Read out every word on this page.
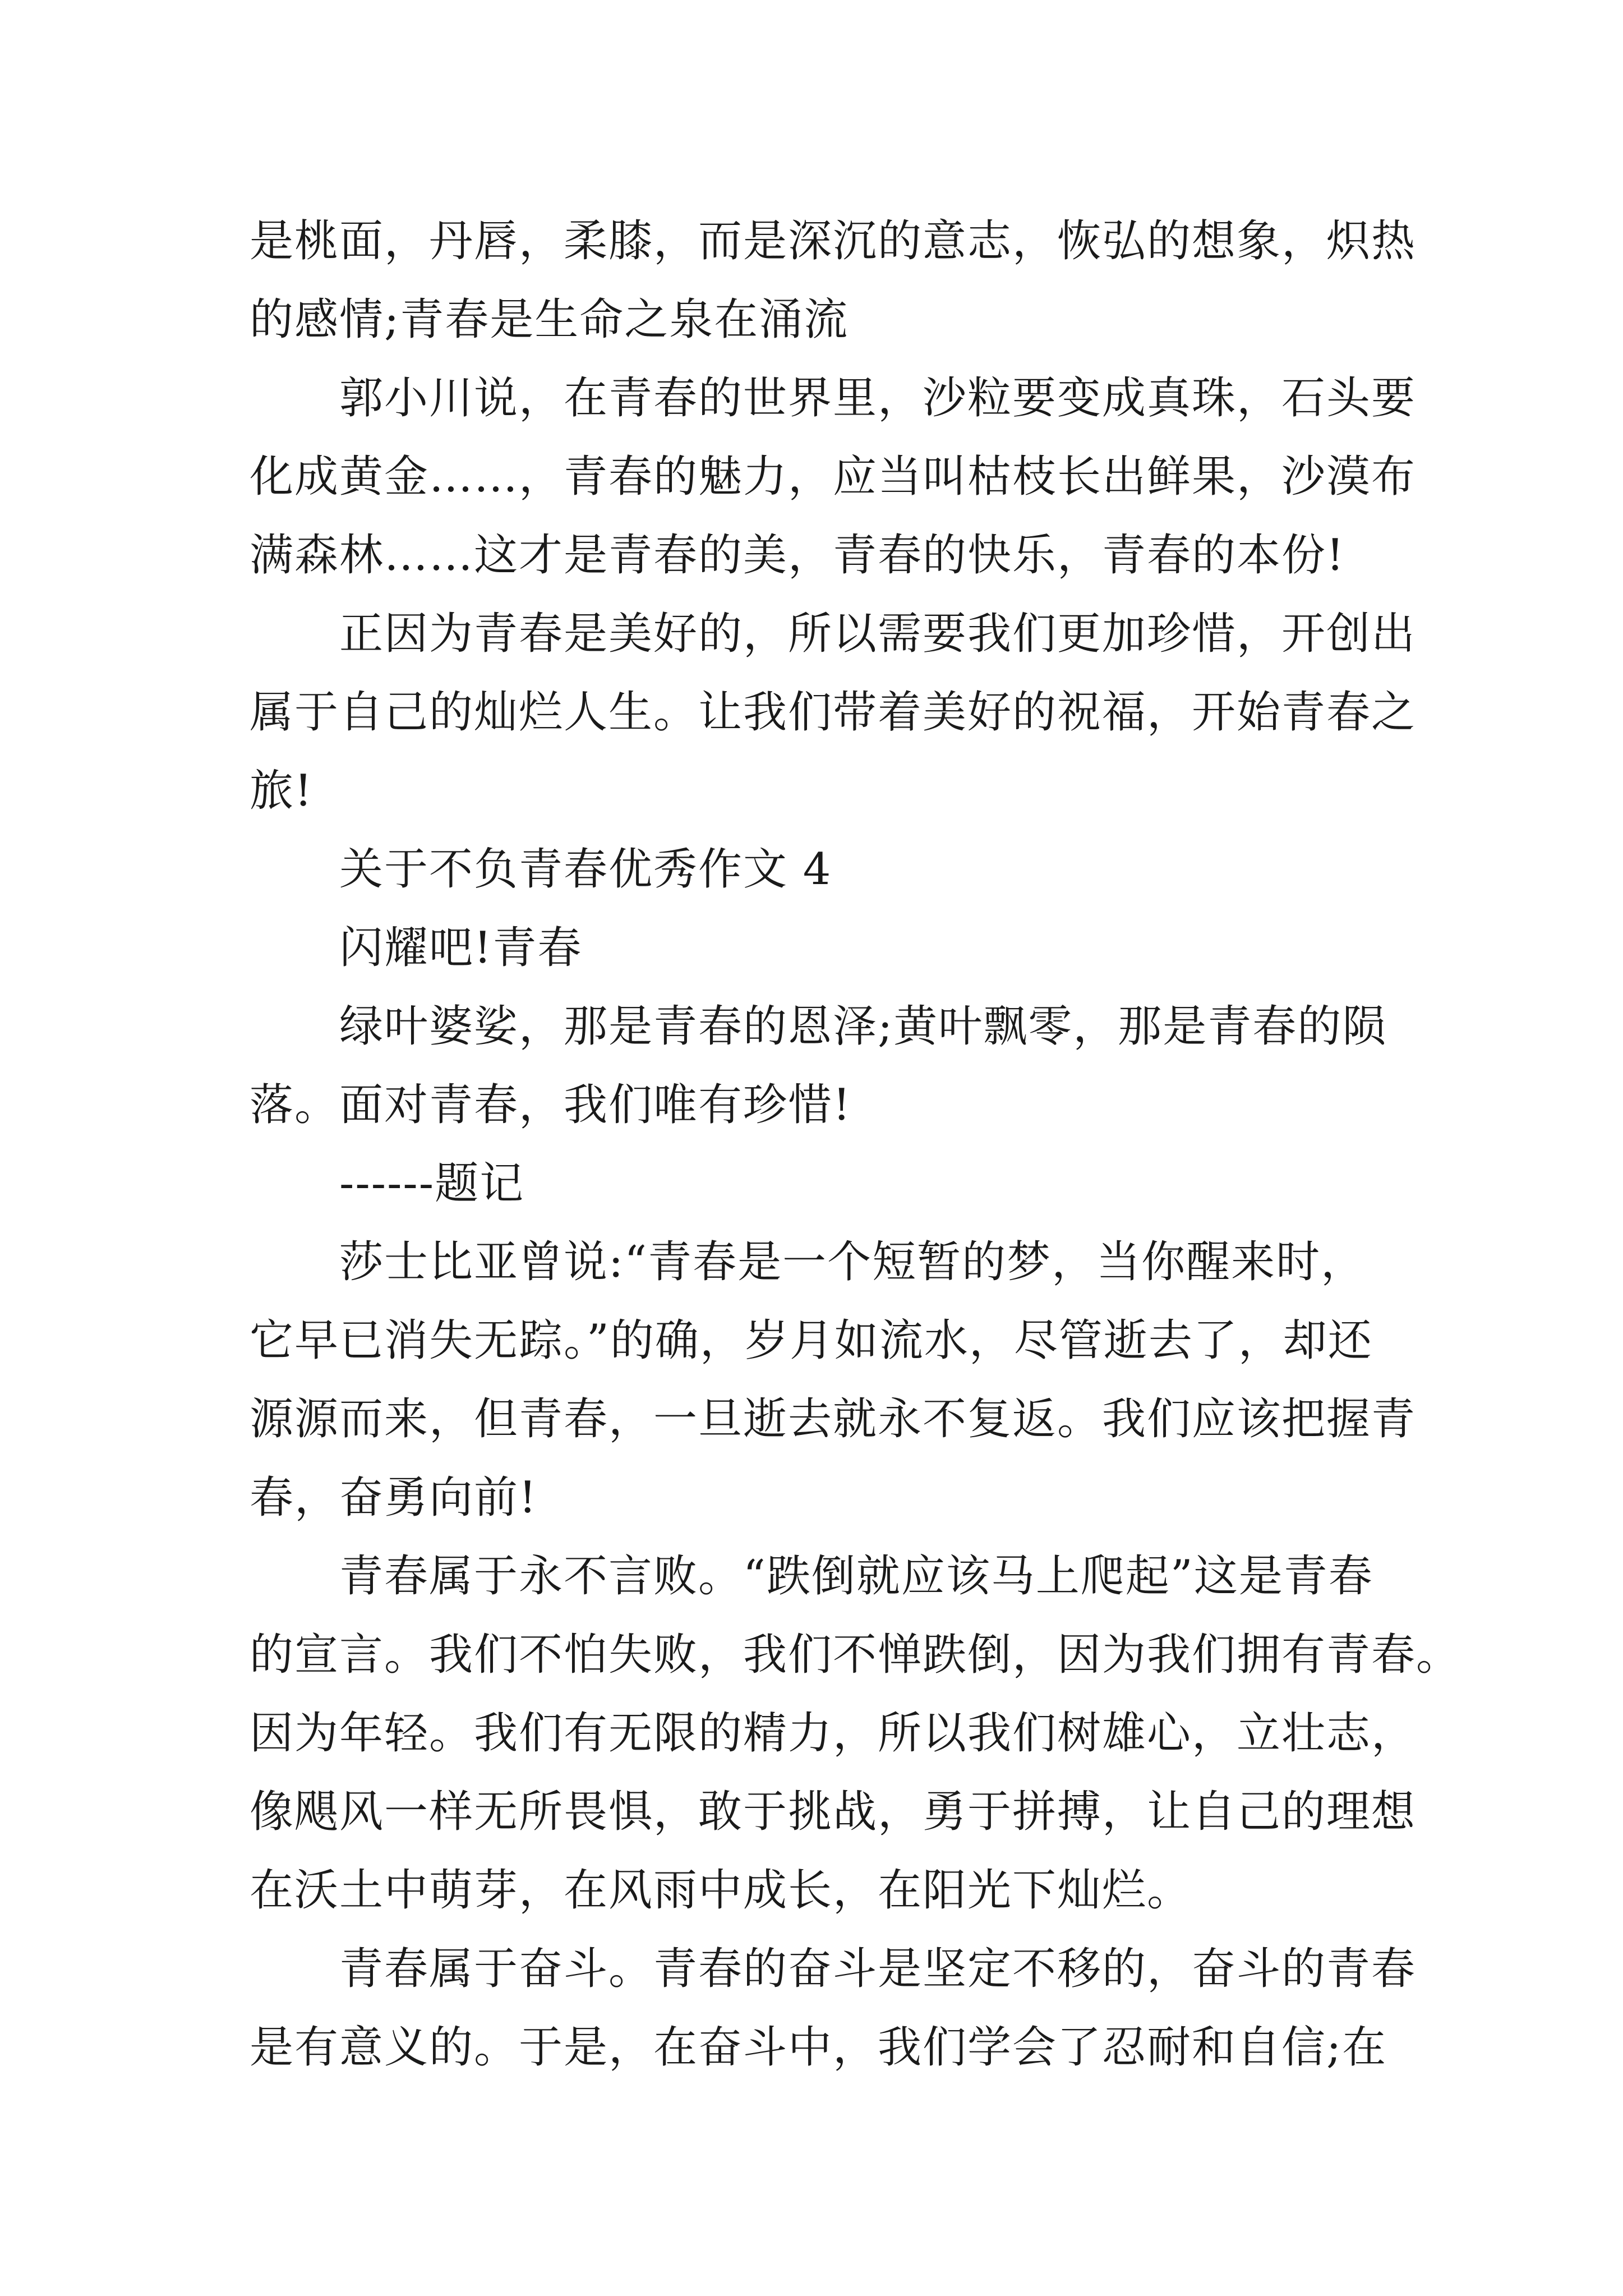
是桃面，丹唇，柔膝，而是深沉的意志，恢弘的想象，炽热
的感情;青春是生命之泉在涌流
郭小川说，在青春的世界里，沙粒要变成真珠，石头要
化成黄金……，青春的魅力，应当叫枯枝长出鲜果，沙漠布
满森林……这才是青春的美，青春的快乐，青春的本份!
正因为青春是美好的，所以需要我们更加珍惜，开创出
属于自己的灿烂人生。让我们带着美好的祝福，开始青春之
旅!
关于不负青春优秀作文 4
闪耀吧!青春
绿叶婆娑，那是青春的恩泽;黄叶飘零，那是青春的陨
落。面对青春，我们唯有珍惜!
------题记
莎士比亚曾说:“青春是一个短暂的梦，当你醒来时，
它早已消失无踪。”的确，岁月如流水，尽管逝去了，却还
源源而来，但青春，一旦逝去就永不复返。我们应该把握青
春，奋勇向前!
青春属于永不言败。“跌倒就应该马上爬起”这是青春
的宣言。我们不怕失败，我们不惮跌倒，因为我们拥有青春。
因为年轻。我们有无限的精力，所以我们树雄心，立壮志，
像飓风一样无所畏惧，敢于挑战，勇于拼搏，让自己的理想
在沃土中萌芽，在风雨中成长，在阳光下灿烂。
青春属于奋斗。青春的奋斗是坚定不移的，奋斗的青春
是有意义的。于是，在奋斗中，我们学会了忍耐和自信;在
